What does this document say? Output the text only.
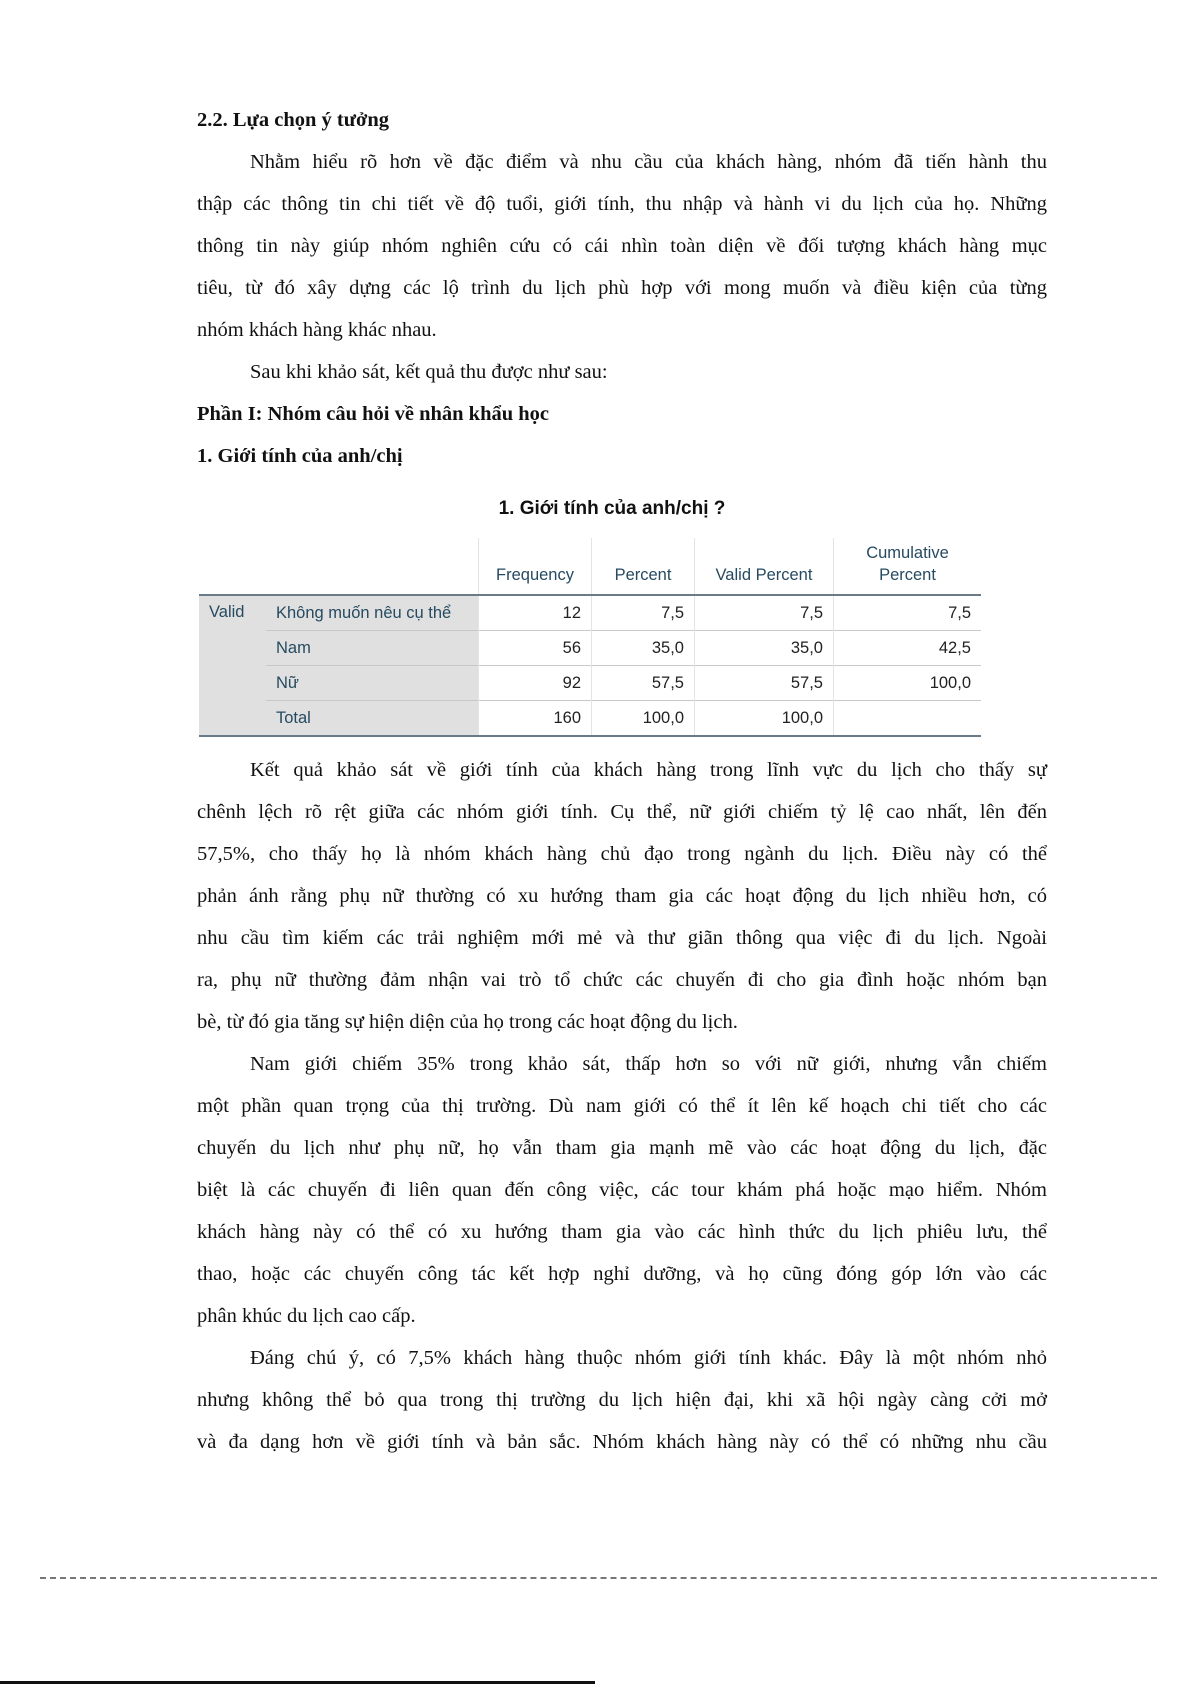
2.2. Lựa chọn ý tưởng
Nhằm hiểu rõ hơn về đặc điểm và nhu cầu của khách hàng, nhóm đã tiến hành thu
thập các thông tin chi tiết về độ tuổi, giới tính, thu nhập và hành vi du lịch của họ. Những
thông tin này giúp nhóm nghiên cứu có cái nhìn toàn diện về đối tượng khách hàng mục
tiêu, từ đó xây dựng các lộ trình du lịch phù hợp với mong muốn và điều kiện của từng
nhóm khách hàng khác nhau.
Sau khi khảo sát, kết quả thu được như sau:
Phần I: Nhóm câu hỏi về nhân khẩu học
1. Giới tính của anh/chị
1. Giới tính của anh/chị ?
		Frequency	Percent	Valid Percent	Cumulative
Percent
Valid	Không muốn nêu cụ thể	12	7,5	7,5	7,5
	Nam	56	35,0	35,0	42,5
	Nữ	92	57,5	57,5	100,0
	Total	160	100,0	100,0	
Kết quả khảo sát về giới tính của khách hàng trong lĩnh vực du lịch cho thấy sự
chênh lệch rõ rệt giữa các nhóm giới tính. Cụ thể, nữ giới chiếm tỷ lệ cao nhất, lên đến
57,5%, cho thấy họ là nhóm khách hàng chủ đạo trong ngành du lịch. Điều này có thể
phản ánh rằng phụ nữ thường có xu hướng tham gia các hoạt động du lịch nhiều hơn, có
nhu cầu tìm kiếm các trải nghiệm mới mẻ và thư giãn thông qua việc đi du lịch. Ngoài
ra, phụ nữ thường đảm nhận vai trò tổ chức các chuyến đi cho gia đình hoặc nhóm bạn
bè, từ đó gia tăng sự hiện diện của họ trong các hoạt động du lịch.
Nam giới chiếm 35% trong khảo sát, thấp hơn so với nữ giới, nhưng vẫn chiếm
một phần quan trọng của thị trường. Dù nam giới có thể ít lên kế hoạch chi tiết cho các
chuyến du lịch như phụ nữ, họ vẫn tham gia mạnh mẽ vào các hoạt động du lịch, đặc
biệt là các chuyến đi liên quan đến công việc, các tour khám phá hoặc mạo hiểm. Nhóm
khách hàng này có thể có xu hướng tham gia vào các hình thức du lịch phiêu lưu, thể
thao, hoặc các chuyến công tác kết hợp nghỉ dưỡng, và họ cũng đóng góp lớn vào các
phân khúc du lịch cao cấp.
Đáng chú ý, có 7,5% khách hàng thuộc nhóm giới tính khác. Đây là một nhóm nhỏ
nhưng không thể bỏ qua trong thị trường du lịch hiện đại, khi xã hội ngày càng cởi mở
và đa dạng hơn về giới tính và bản sắc. Nhóm khách hàng này có thể có những nhu cầu
